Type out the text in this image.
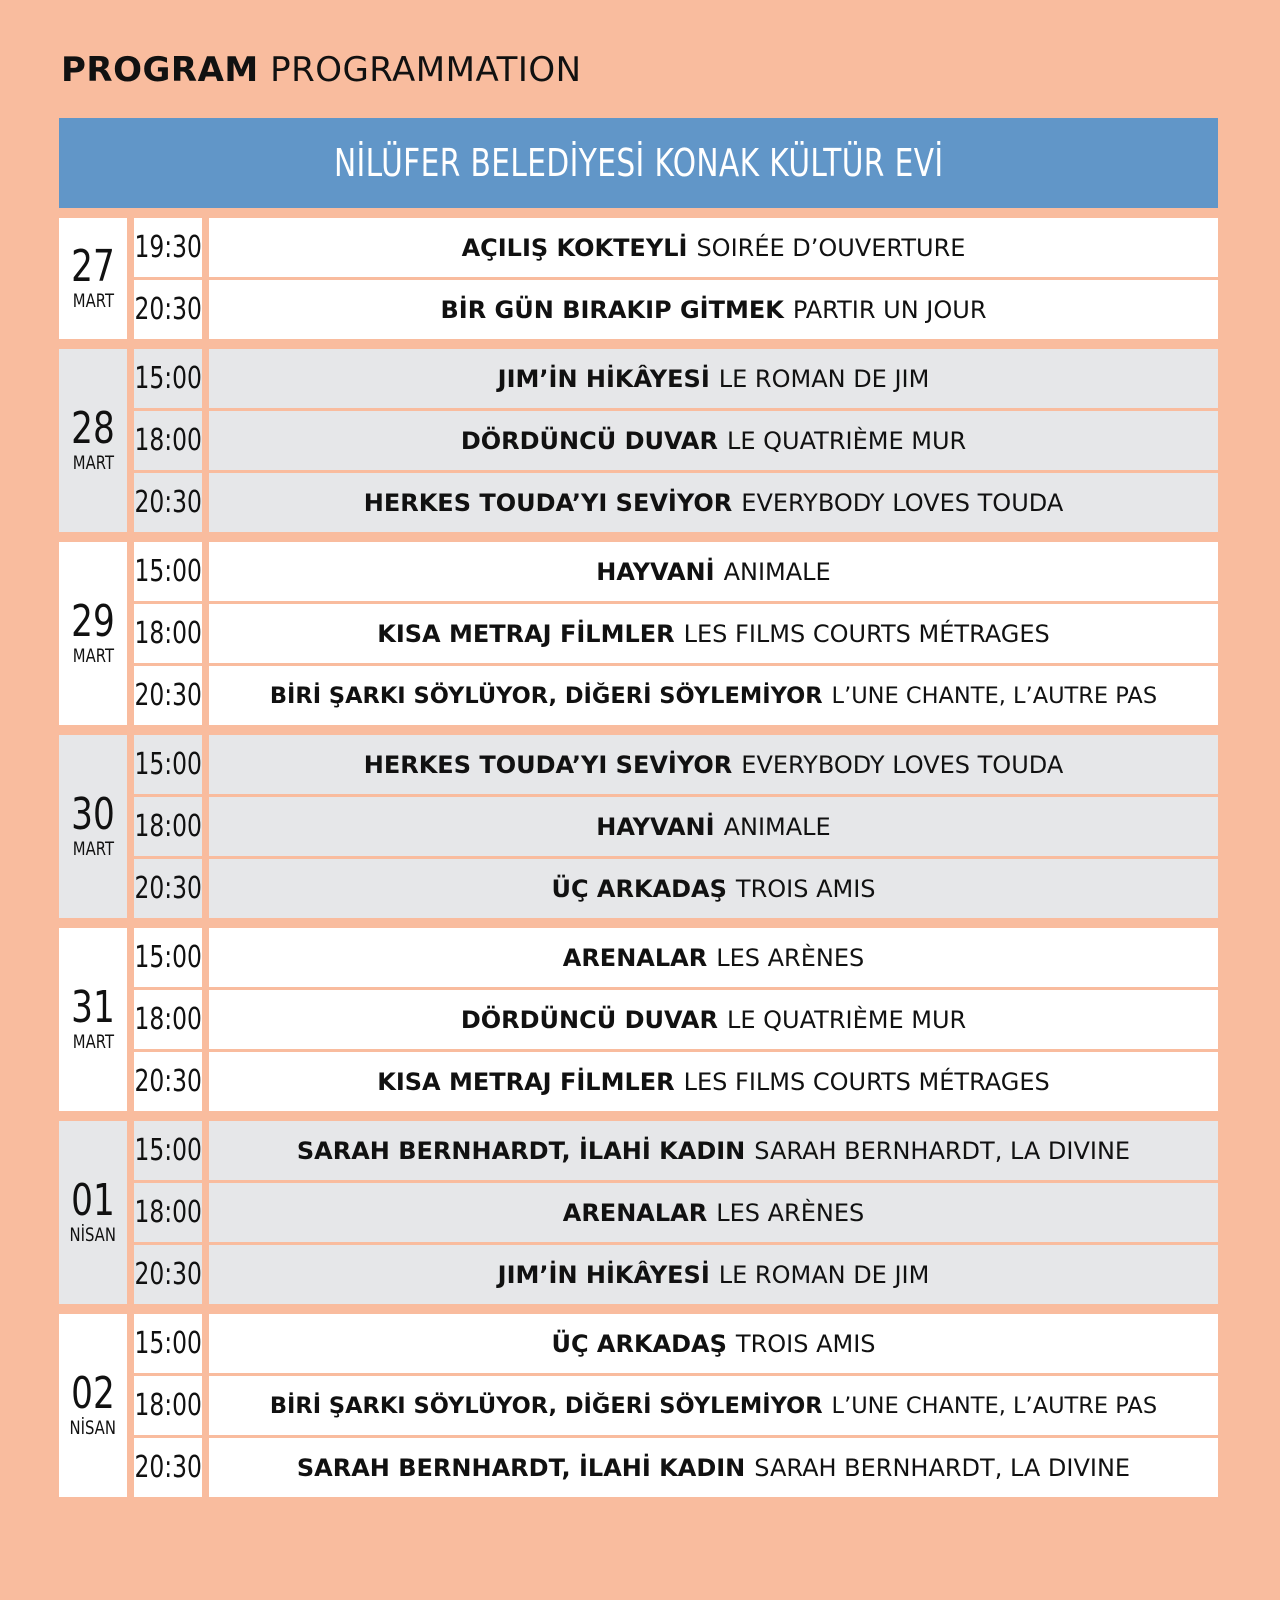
PROGRAM PROGRAMMATION
NİLÜFER BELEDİYESİ KONAK KÜLTÜR EVİ
27
MART
19:30	AÇILIŞ KOKTEYLİ SOIRÉE D’OUVERTURE
20:30	BİR GÜN BIRAKIP GİTMEK PARTIR UN JOUR
28
MART
15:00	JIM’İN HİKÂYESİ LE ROMAN DE JIM
18:00	DÖRDÜNCÜ DUVAR LE QUATRIÈME MUR
20:30	HERKES TOUDA’YI SEVİYOR EVERYBODY LOVES TOUDA
29
MART
15:00	HAYVANİ ANIMALE
18:00	KISA METRAJ FİLMLER LES FILMS COURTS MÉTRAGES
20:30	BİRİ ŞARKI SÖYLÜYOR, DİĞERİ SÖYLEMİYOR L’UNE CHANTE, L’AUTRE PAS
30
MART
15:00	HERKES TOUDA’YI SEVİYOR EVERYBODY LOVES TOUDA
18:00	HAYVANİ ANIMALE
20:30	ÜÇ ARKADAŞ TROIS AMIS
31
MART
15:00	ARENALAR LES ARÈNES
18:00	DÖRDÜNCÜ DUVAR LE QUATRIÈME MUR
20:30	KISA METRAJ FİLMLER LES FILMS COURTS MÉTRAGES
01
NİSAN
15:00	SARAH BERNHARDT, İLAHİ KADIN SARAH BERNHARDT, LA DIVINE
18:00	ARENALAR LES ARÈNES
20:30	JIM’İN HİKÂYESİ LE ROMAN DE JIM
02
NİSAN
15:00	ÜÇ ARKADAŞ TROIS AMIS
18:00	BİRİ ŞARKI SÖYLÜYOR, DİĞERİ SÖYLEMİYOR L’UNE CHANTE, L’AUTRE PAS
20:30	SARAH BERNHARDT, İLAHİ KADIN SARAH BERNHARDT, LA DIVINE
